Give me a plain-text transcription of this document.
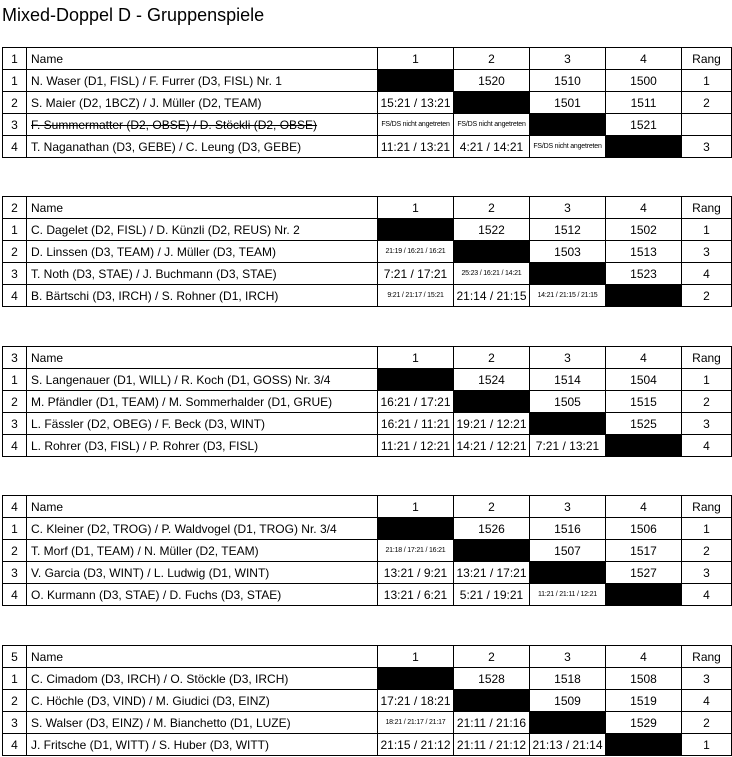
Mixed-Doppel D - Gruppenspiele
1	Name	1	2	3	4	Rang
1	N. Waser (D1, FISL) / F. Furrer (D3, FISL) Nr. 1		1520	1510	1500	1
2	S. Maier (D2, 1BCZ) / J. Müller (D2, TEAM)	15:21 / 13:21		1501	1511	2
3	F. Summermatter (D2, OBSE) / D. Stöckli (D2, OBSE)	FS/DS nicht angetreten	FS/DS nicht angetreten		1521	
4	T. Naganathan (D3, GEBE) / C. Leung (D3, GEBE)	11:21 / 13:21	4:21 / 14:21	FS/DS nicht angetreten		3
2	Name	1	2	3	4	Rang
1	C. Dagelet (D2, FISL) / D. Künzli (D2, REUS) Nr. 2		1522	1512	1502	1
2	D. Linssen (D3, TEAM) / J. Müller (D3, TEAM)	21:19 / 16:21 / 16:21		1503	1513	3
3	T. Noth (D3, STAE) / J. Buchmann (D3, STAE)	7:21 / 17:21	25:23 / 16:21 / 14:21		1523	4
4	B. Bärtschi (D3, IRCH) / S. Rohner (D1, IRCH)	9:21 / 21:17 / 15:21	21:14 / 21:15	14:21 / 21:15 / 21:15		2
3	Name	1	2	3	4	Rang
1	S. Langenauer (D1, WILL) / R. Koch (D1, GOSS) Nr. 3/4		1524	1514	1504	1
2	M. Pfändler (D1, TEAM) / M. Sommerhalder (D1, GRUE)	16:21 / 17:21		1505	1515	2
3	L. Fässler (D2, OBEG) / F. Beck (D3, WINT)	16:21 / 11:21	19:21 / 12:21		1525	3
4	L. Rohrer (D3, FISL) / P. Rohrer (D3, FISL)	11:21 / 12:21	14:21 / 12:21	7:21 / 13:21		4
4	Name	1	2	3	4	Rang
1	C. Kleiner (D2, TROG) / P. Waldvogel (D1, TROG) Nr. 3/4		1526	1516	1506	1
2	T. Morf (D1, TEAM) / N. Müller (D2, TEAM)	21:18 / 17:21 / 16:21		1507	1517	2
3	V. Garcia (D3, WINT) / L. Ludwig (D1, WINT)	13:21 / 9:21	13:21 / 17:21		1527	3
4	O. Kurmann (D3, STAE) / D. Fuchs (D3, STAE)	13:21 / 6:21	5:21 / 19:21	11:21 / 21:11 / 12:21		4
5	Name	1	2	3	4	Rang
1	C. Cimadom (D3, IRCH) / O. Stöckle (D3, IRCH)		1528	1518	1508	3
2	C. Höchle (D3, VIND) / M. Giudici (D3, EINZ)	17:21 / 18:21		1509	1519	4
3	S. Walser (D3, EINZ) / M. Bianchetto (D1, LUZE)	18:21 / 21:17 / 21:17	21:11 / 21:16		1529	2
4	J. Fritsche (D1, WITT) / S. Huber (D3, WITT)	21:15 / 21:12	21:11 / 21:12	21:13 / 21:14		1
